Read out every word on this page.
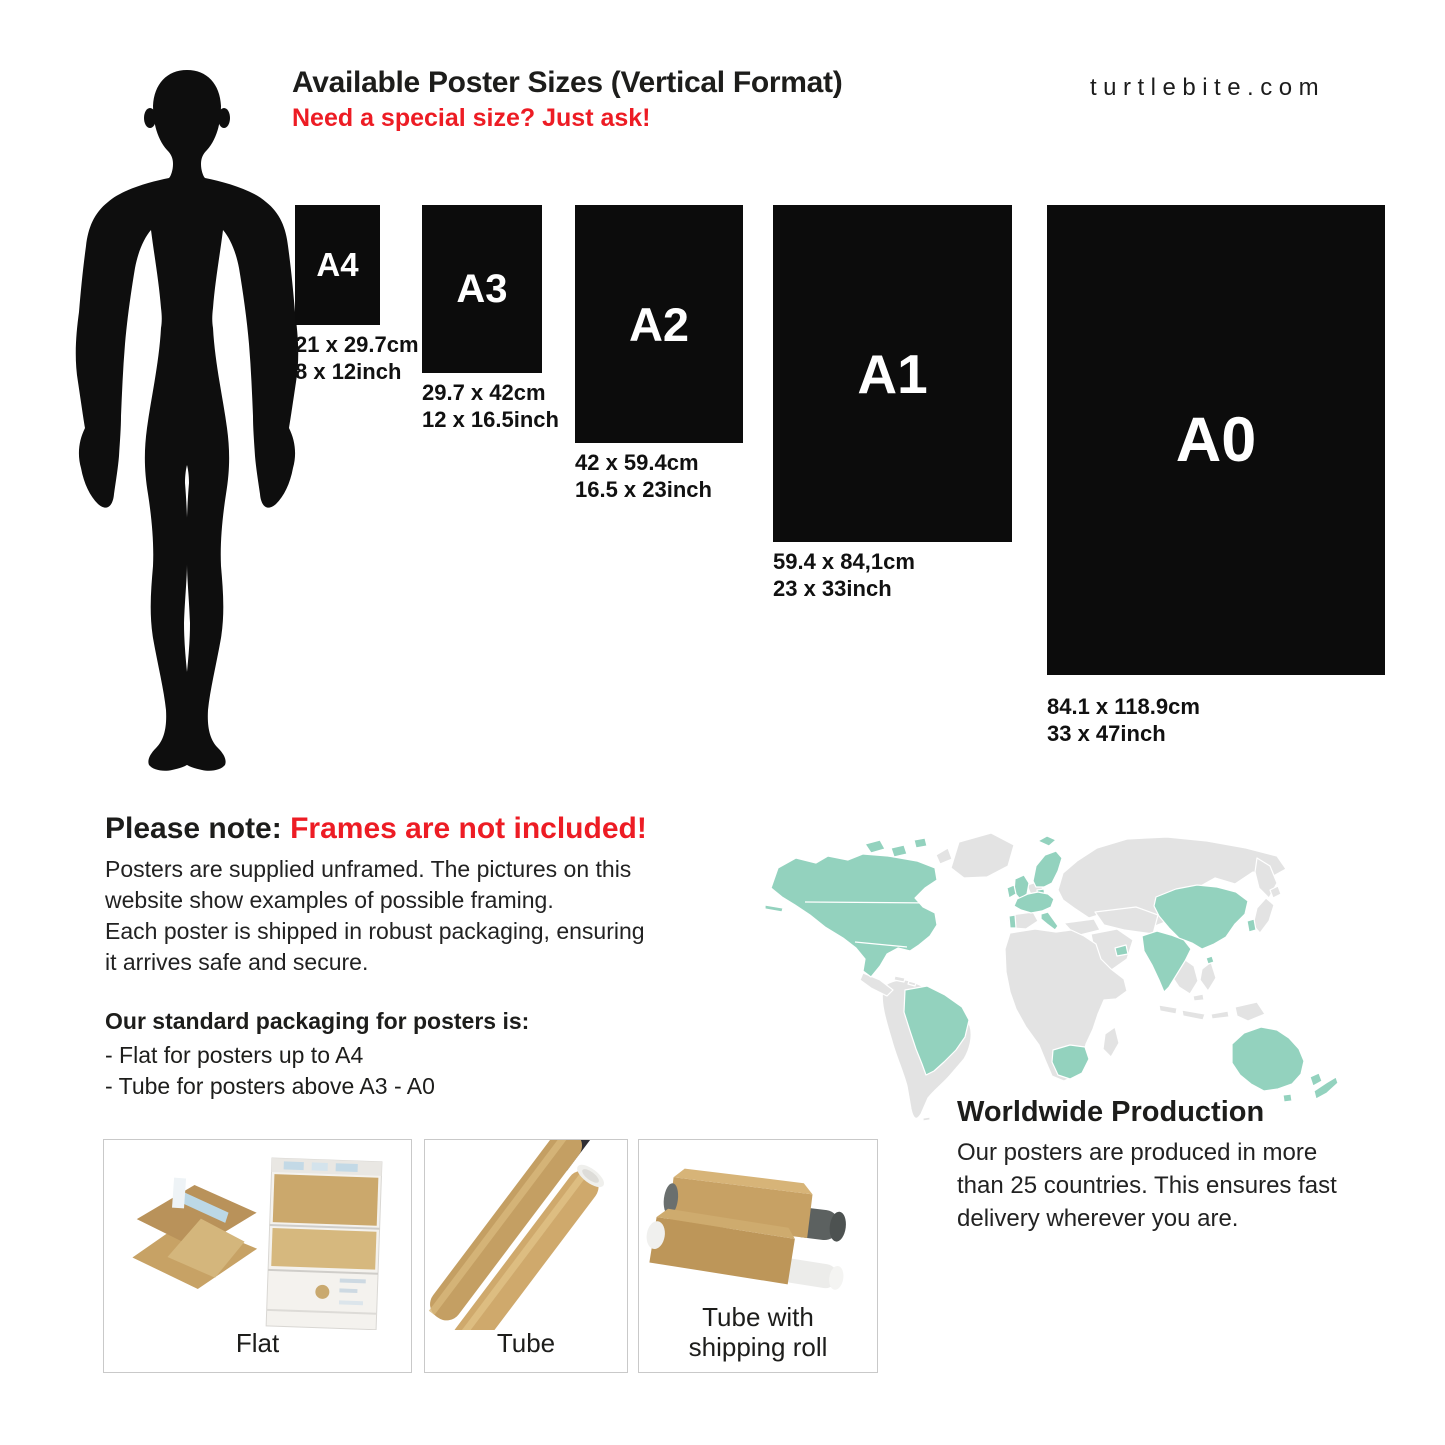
Available Poster Sizes (Vertical Format)
Need a special size? Just ask!
turtlebite.com
A4
A3
A2
A1
A0
21 x 29.7cm
8 x 12inch
29.7 x 42cm
12 x 16.5inch
42 x 59.4cm
16.5 x 23inch
59.4 x 84,1cm
23 x 33inch
84.1 x 118.9cm
33 x 47inch
Please note: Frames are not included!
Posters are supplied unframed. The pictures on this
website show examples of possible framing.
Each poster is shipped in robust packaging, ensuring
it arrives safe and secure.
Our standard packaging for posters is:
- Flat for posters up to A4
- Tube for posters above A3 - A0
Flat	Tube
Tube with
shipping roll
Worldwide Production
Our posters are produced in more
than 25 countries. This ensures fast
delivery wherever you are.
